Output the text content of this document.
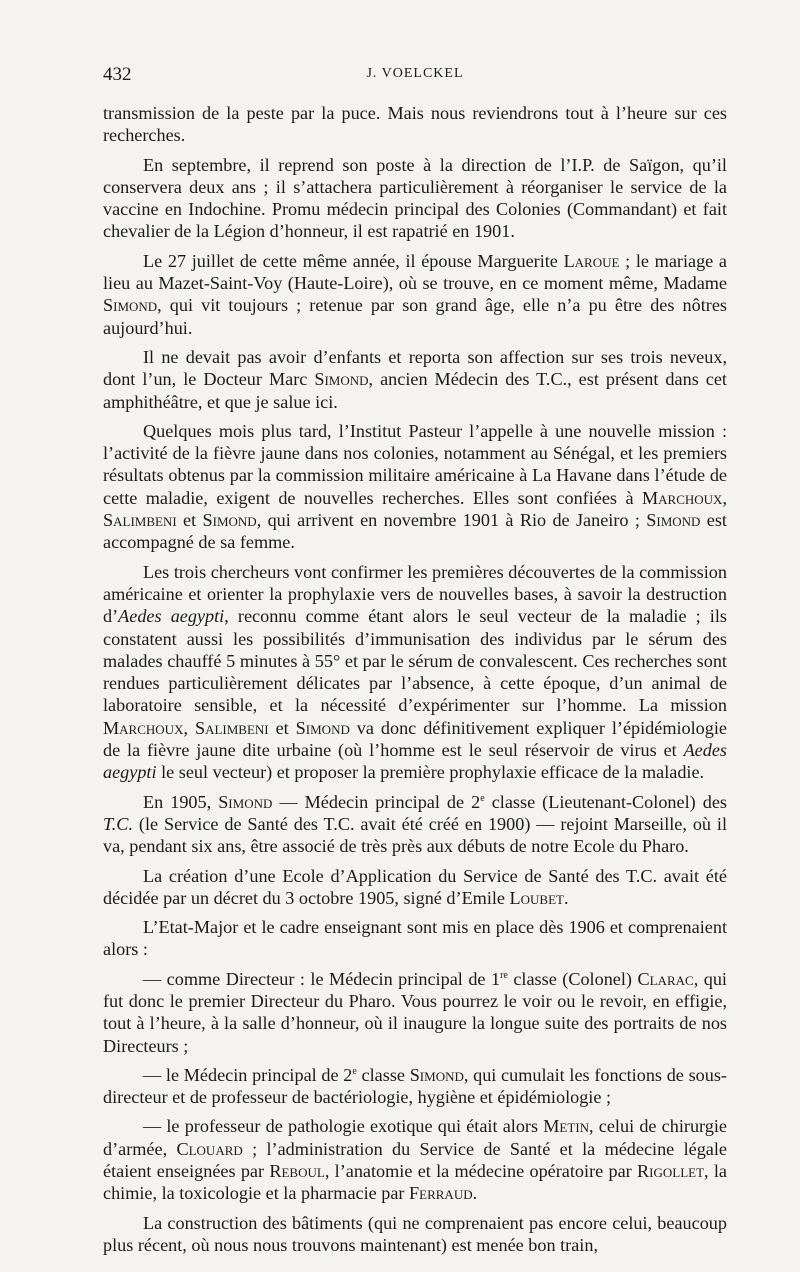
432	J. VOELCKEL

transmission de la peste par la puce. Mais nous reviendrons tout à l’heure sur ces recherches.

En septembre, il reprend son poste à la direction de l’I.P. de Saïgon, qu’il conservera deux ans ; il s’attachera particulièrement à réorganiser le service de la vaccine en Indochine. Promu médecin principal des Colonies (Commandant) et fait chevalier de la Légion d’honneur, il est rapatrié en 1901.

Le 27 juillet de cette même année, il épouse Marguerite Laroue ; le mariage a lieu au Mazet-Saint-Voy (Haute-Loire), où se trouve, en ce moment même, Madame Simond, qui vit toujours ; retenue par son grand âge, elle n’a pu être des nôtres aujourd’hui.

Il ne devait pas avoir d’enfants et reporta son affection sur ses trois neveux, dont l’un, le Docteur Marc Simond, ancien Médecin des T.C., est présent dans cet amphithéâtre, et que je salue ici.

Quelques mois plus tard, l’Institut Pasteur l’appelle à une nouvelle mission : l’activité de la fièvre jaune dans nos colonies, notamment au Sénégal, et les premiers résultats obtenus par la commission militaire américaine à La Havane dans l’étude de cette maladie, exigent de nouvelles recherches. Elles sont confiées à Marchoux, Salimbeni et Simond, qui arrivent en novembre 1901 à Rio de Janeiro ; Simond est accompagné de sa femme.

Les trois chercheurs vont confirmer les premières découvertes de la commission américaine et orienter la prophylaxie vers de nouvelles bases, à savoir la destruction d’Aedes aegypti, reconnu comme étant alors le seul vecteur de la maladie ; ils constatent aussi les possibilités d’immunisation des individus par le sérum des malades chauffé 5 minutes à 55° et par le sérum de convalescent. Ces recherches sont rendues particulièrement délicates par l’absence, à cette époque, d’un animal de laboratoire sensible, et la nécessité d’expérimenter sur l’homme. La mission Marchoux, Salimbeni et Simond va donc définitivement expliquer l’épidémiologie de la fièvre jaune dite urbaine (où l’homme est le seul réservoir de virus et Aedes aegypti le seul vecteur) et proposer la première prophylaxie efficace de la maladie.

En 1905, Simond — Médecin principal de 2e classe (Lieutenant-Colonel) des T.C. (le Service de Santé des T.C. avait été créé en 1900) — rejoint Marseille, où il va, pendant six ans, être associé de très près aux débuts de notre Ecole du Pharo.

La création d’une Ecole d’Application du Service de Santé des T.C. avait été décidée par un décret du 3 octobre 1905, signé d’Emile Loubet.

L’Etat-Major et le cadre enseignant sont mis en place dès 1906 et comprenaient alors :

— comme Directeur : le Médecin principal de 1re classe (Colonel) Clarac, qui fut donc le premier Directeur du Pharo. Vous pourrez le voir ou le revoir, en effigie, tout à l’heure, à la salle d’honneur, où il inaugure la longue suite des portraits de nos Directeurs ;

— le Médecin principal de 2e classe Simond, qui cumulait les fonctions de sous-directeur et de professeur de bactériologie, hygiène et épidémiologie ;

— le professeur de pathologie exotique qui était alors Metin, celui de chirurgie d’armée, Clouard ; l’administration du Service de Santé et la médecine légale étaient enseignées par Reboul, l’anatomie et la médecine opératoire par Rigollet, la chimie, la toxicologie et la pharmacie par Ferraud.

La construction des bâtiments (qui ne comprenaient pas encore celui, beaucoup plus récent, où nous nous trouvons maintenant) est menée bon train,
